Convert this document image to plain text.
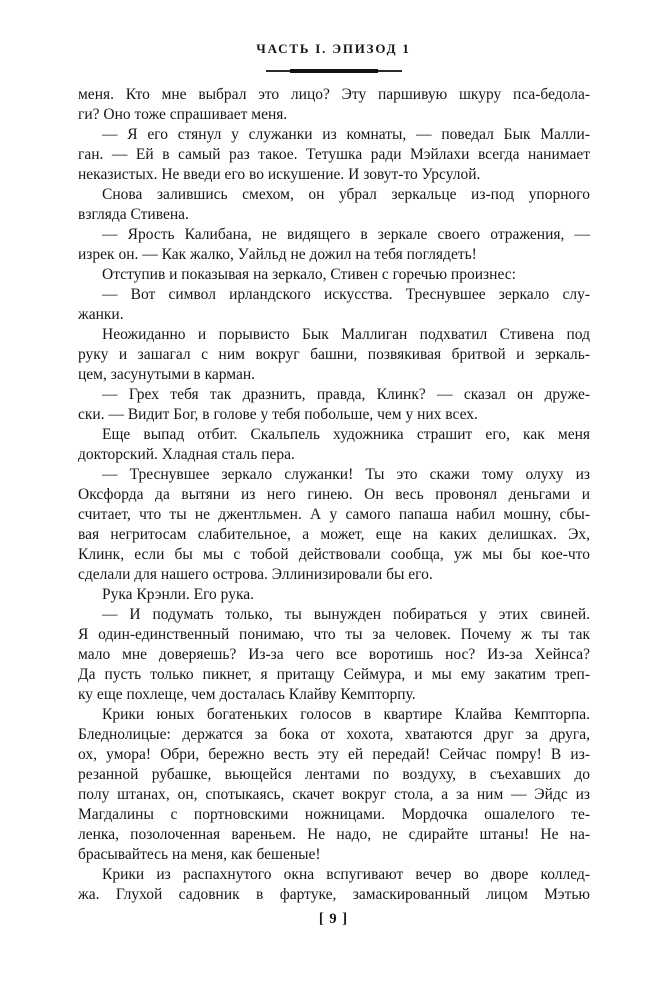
ЧАСТЬ I. ЭПИЗОД 1
меня. Кто мне выбрал это лицо? Эту паршивую шкуру пса-бедола-
ги? Оно тоже спрашивает меня.
— Я его стянул у служанки из комнаты, — поведал Бык Малли-
ган. — Ей в самый раз такое. Тетушка ради Мэйлахи всегда нанимает
неказистых. Не введи его во искушение. И зовут-то Урсулой.
Снова залившись смехом, он убрал зеркальце из-под упорного
взгляда Стивена.
— Ярость Калибана, не видящего в зеркале своего отражения, —
изрек он. — Как жалко, Уайльд не дожил на тебя поглядеть!
Отступив и показывая на зеркало, Стивен с горечью произнес:
— Вот символ ирландского искусства. Треснувшее зеркало слу-
жанки.
Неожиданно и порывисто Бык Маллиган подхватил Стивена под
руку и зашагал с ним вокруг башни, позвякивая бритвой и зеркаль-
цем, засунутыми в карман.
— Грех тебя так дразнить, правда, Клинк? — сказал он друже-
ски. — Видит Бог, в голове у тебя побольше, чем у них всех.
Еще выпад отбит. Скальпель художника страшит его, как меня
докторский. Хладная сталь пера.
— Треснувшее зеркало служанки! Ты это скажи тому олуху из
Оксфорда да вытяни из него гинею. Он весь провонял деньгами и
считает, что ты не джентльмен. А у самого папаша набил мошну, сбы-
вая негритосам слабительное, а может, еще на каких делишках. Эх,
Клинк, если бы мы с тобой действовали сообща, уж мы бы кое-что
сделали для нашего острова. Эллинизировали бы его.
Рука Крэнли. Его рука.
— И подумать только, ты вынужден побираться у этих свиней.
Я один-единственный понимаю, что ты за человек. Почему ж ты так
мало мне доверяешь? Из-за чего все воротишь нос? Из-за Хейнса?
Да пусть только пикнет, я притащу Сеймура, и мы ему закатим треп-
ку еще похлеще, чем досталась Клайву Кемпторпу.
Крики юных богатеньких голосов в квартире Клайва Кемпторпа.
Бледнолицые: держатся за бока от хохота, хватаются друг за друга,
ох, умора! Обри, бережно весть эту ей передай! Сейчас помру! В из-
резанной рубашке, вьющейся лентами по воздуху, в съехавших до
полу штанах, он, спотыкаясь, скачет вокруг стола, а за ним — Эйдс из
Магдалины с портновскими ножницами. Мордочка ошалелого те-
ленка, позолоченная вареньем. Не надо, не сдирайте штаны! Не на-
брасывайтесь на меня, как бешеные!
Крики из распахнутого окна вспугивают вечер во дворе коллед-
жа. Глухой садовник в фартуке, замаскированный лицом Мэтью
[ 9 ]
